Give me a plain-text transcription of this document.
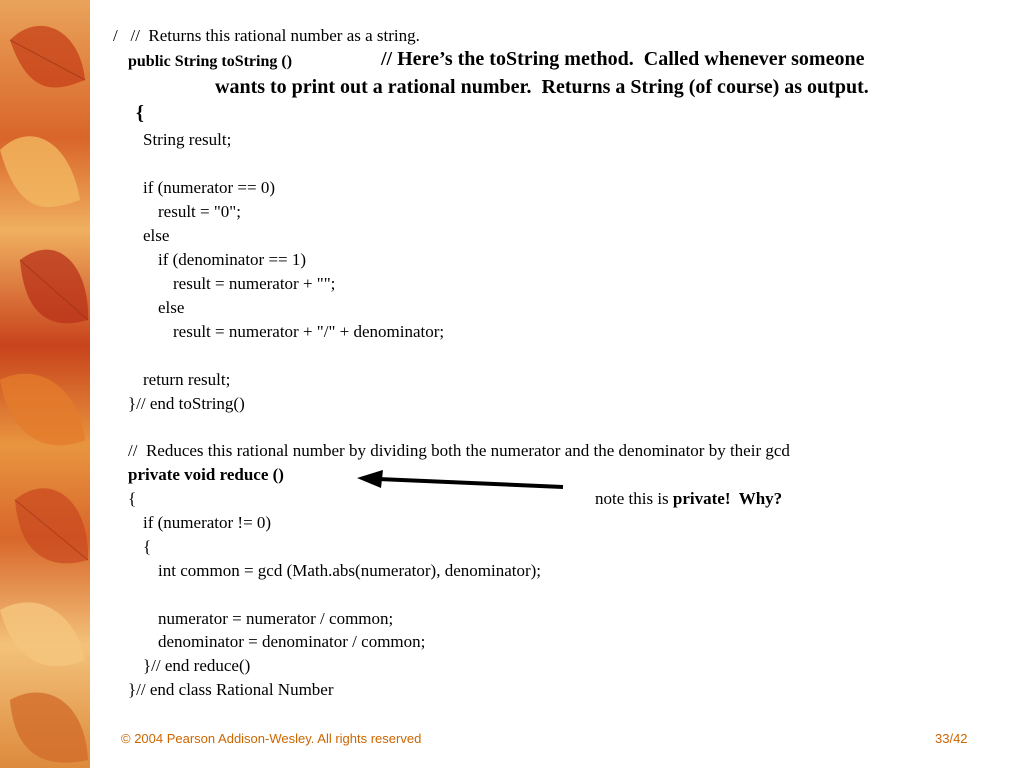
/   //  Returns this rational number as a string.
public String toString ()	// Here’s the toString method.  Called whenever someone
wants to print out a rational number.  Returns a String (of course) as output.
{
String result;
if (numerator == 0)
result = "0";
else
if (denominator == 1)
result = numerator + "";
else
result = numerator + "/" + denominator;
return result;
}// end toString()
//  Reduces this rational number by dividing both the numerator and the denominator by their gcd
private void reduce ()
{	note this is private!  Why?
if (numerator != 0)
{
int common = gcd (Math.abs(numerator), denominator);
numerator = numerator / common;
denominator = denominator / common;
}// end reduce()
}// end class Rational Number
© 2004 Pearson Addison-Wesley. All rights reserved	33/42
